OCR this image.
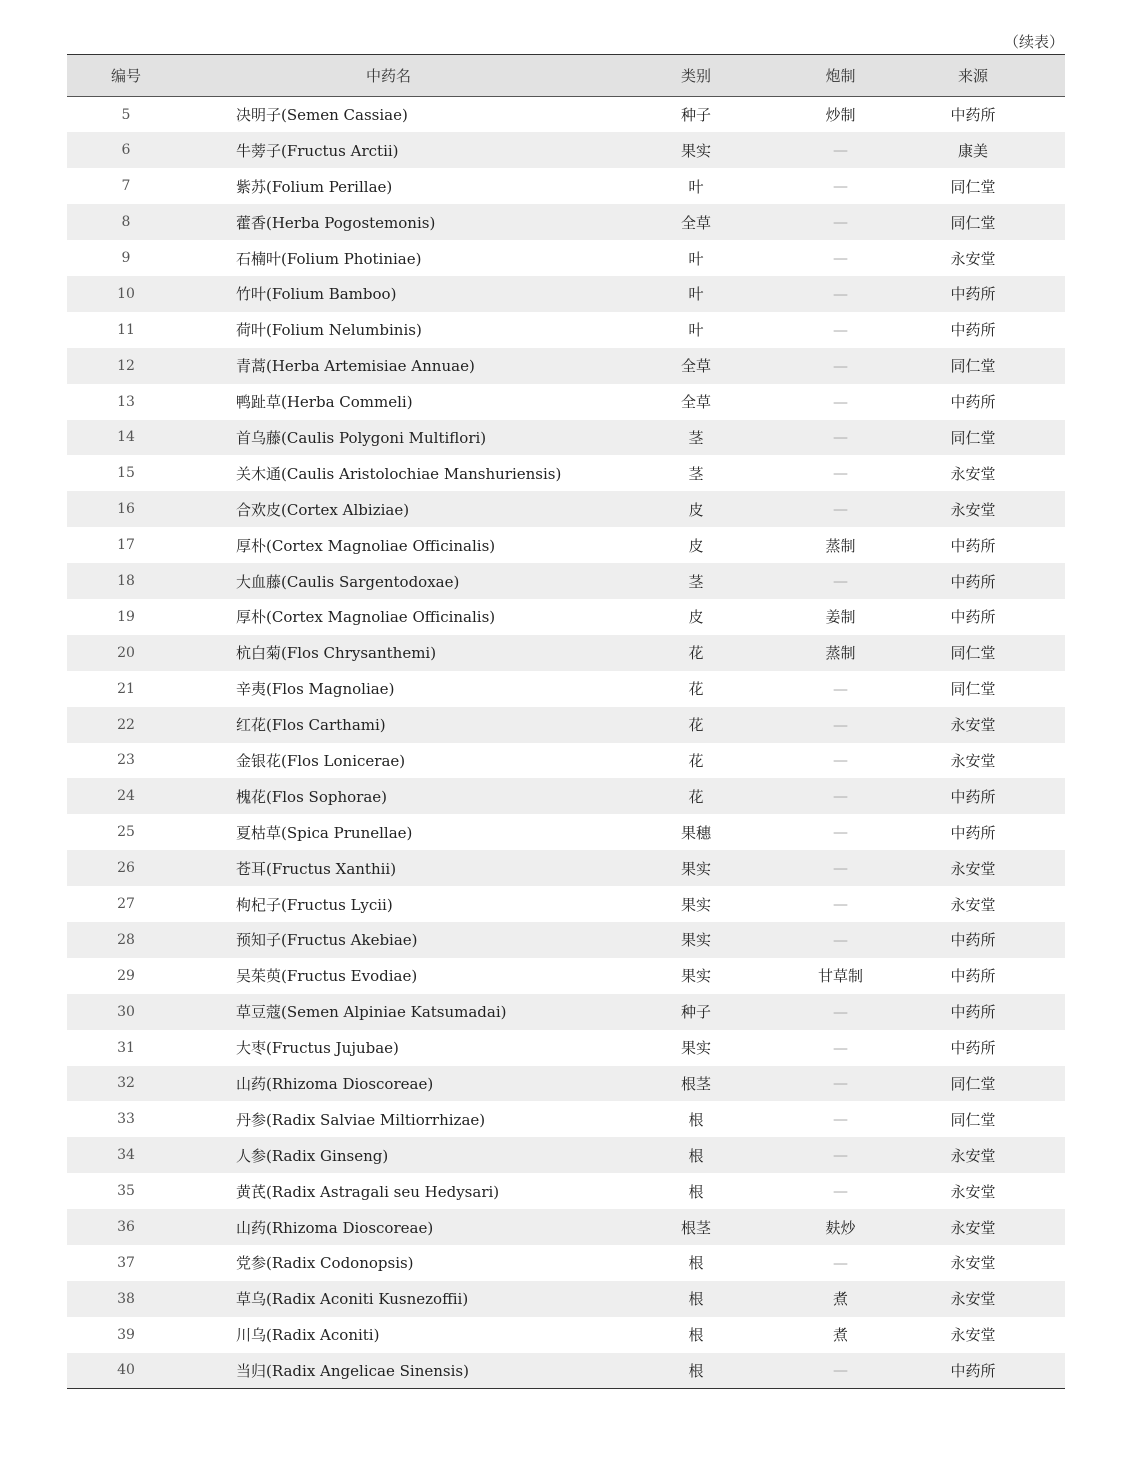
（续表）
编号	中药名	类别	炮制	来源
5	决明子(Semen Cassiae)	种子	炒制	中药所
6	牛蒡子(Fructus Arctii)	果实	—	康美
7	紫苏(Folium Perillae)	叶	—	同仁堂
8	藿香(Herba Pogostemonis)	全草	—	同仁堂
9	石楠叶(Folium Photiniae)	叶	—	永安堂
10	竹叶(Folium Bamboo)	叶	—	中药所
11	荷叶(Folium Nelumbinis)	叶	—	中药所
12	青蒿(Herba Artemisiae Annuae)	全草	—	同仁堂
13	鸭趾草(Herba Commeli)	全草	—	中药所
14	首乌藤(Caulis Polygoni Multiflori)	茎	—	同仁堂
15	关木通(Caulis Aristolochiae Manshuriensis)	茎	—	永安堂
16	合欢皮(Cortex Albiziae)	皮	—	永安堂
17	厚朴(Cortex Magnoliae Officinalis)	皮	蒸制	中药所
18	大血藤(Caulis Sargentodoxae)	茎	—	中药所
19	厚朴(Cortex Magnoliae Officinalis)	皮	姜制	中药所
20	杭白菊(Flos Chrysanthemi)	花	蒸制	同仁堂
21	辛夷(Flos Magnoliae)	花	—	同仁堂
22	红花(Flos Carthami)	花	—	永安堂
23	金银花(Flos Lonicerae)	花	—	永安堂
24	槐花(Flos Sophorae)	花	—	中药所
25	夏枯草(Spica Prunellae)	果穗	—	中药所
26	苍耳(Fructus Xanthii)	果实	—	永安堂
27	枸杞子(Fructus Lycii)	果实	—	永安堂
28	预知子(Fructus Akebiae)	果实	—	中药所
29	吴茱萸(Fructus Evodiae)	果实	甘草制	中药所
30	草豆蔻(Semen Alpiniae Katsumadai)	种子	—	中药所
31	大枣(Fructus Jujubae)	果实	—	中药所
32	山药(Rhizoma Dioscoreae)	根茎	—	同仁堂
33	丹参(Radix Salviae Miltiorrhizae)	根	—	同仁堂
34	人参(Radix Ginseng)	根	—	永安堂
35	黄芪(Radix Astragali seu Hedysari)	根	—	永安堂
36	山药(Rhizoma Dioscoreae)	根茎	麸炒	永安堂
37	党参(Radix Codonopsis)	根	—	永安堂
38	草乌(Radix Aconiti Kusnezoffii)	根	煮	永安堂
39	川乌(Radix Aconiti)	根	煮	永安堂
40	当归(Radix Angelicae Sinensis)	根	—	中药所
